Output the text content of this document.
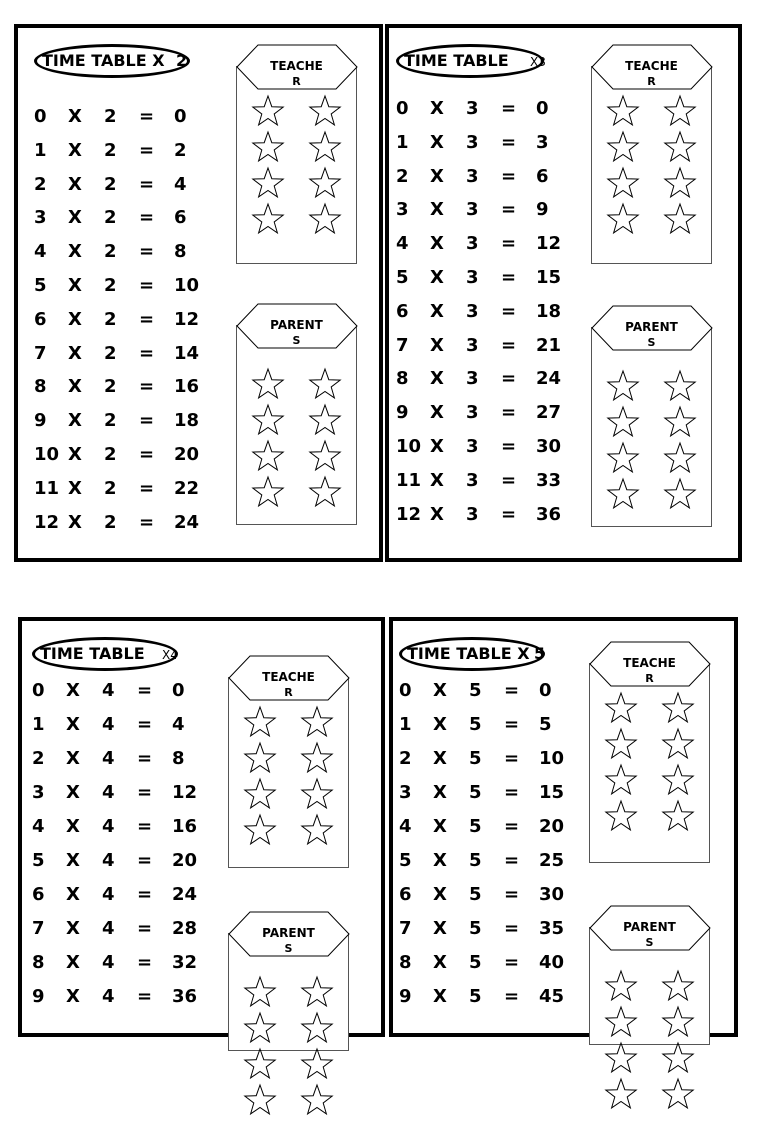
TIME TABLE X 2
0 X 2 = 0
1 X 2 = 2
2 X 2 = 4
3 X 2 = 6
4 X 2 = 8
5 X 2 = 10
6 X 2 = 12
7 X 2 = 14
8 X 2 = 16
9 X 2 = 18
10 X 2 = 20
11 X 2 = 22
12 X 2 = 24
TEACHE
R
PARENT
S
TIME TABLE X3
0 X 3 = 0
1 X 3 = 3
2 X 3 = 6
3 X 3 = 9
4 X 3 = 12
5 X 3 = 15
6 X 3 = 18
7 X 3 = 21
8 X 3 = 24
9 X 3 = 27
10 X 3 = 30
11 X 3 = 33
12 X 3 = 36
TEACHE
R
PARENT
S
TIME TABLE X4
0 X 4 = 0
1 X 4 = 4
2 X 4 = 8
3 X 4 = 12
4 X 4 = 16
5 X 4 = 20
6 X 4 = 24
7 X 4 = 28
8 X 4 = 32
9 X 4 = 36
TEACHE
R
PARENT
S
TIME TABLE X 5
0 X 5 = 0
1 X 5 = 5
2 X 5 = 10
3 X 5 = 15
4 X 5 = 20
5 X 5 = 25
6 X 5 = 30
7 X 5 = 35
8 X 5 = 40
9 X 5 = 45
TEACHE
R
PARENT
S
